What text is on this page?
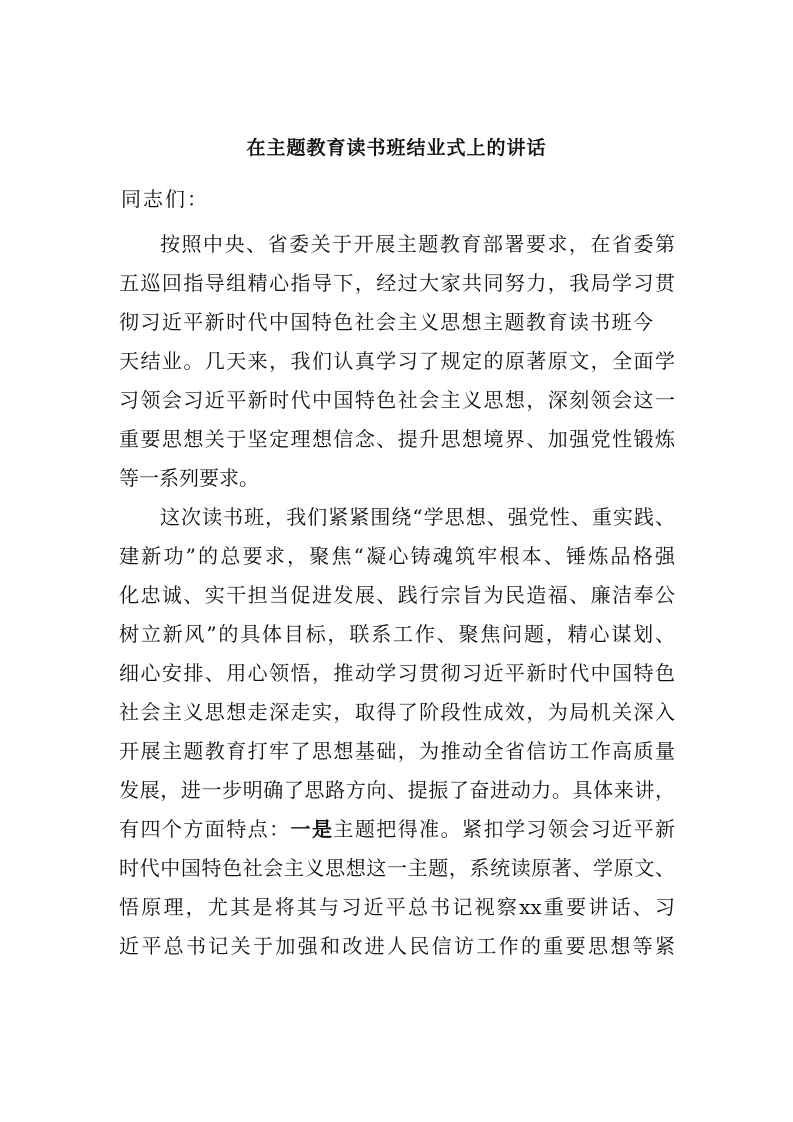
在主题教育读书班结业式上的讲话
同志们：
按照中央、省委关于开展主题教育部署要求，在省委第
五巡回指导组精心指导下，经过大家共同努力，我局学习贯
彻习近平新时代中国特色社会主义思想主题教育读书班今
天结业。几天来，我们认真学习了规定的原著原文，全面学
习领会习近平新时代中国特色社会主义思想，深刻领会这一
重要思想关于坚定理想信念、提升思想境界、加强党性锻炼
等一系列要求。
这次读书班，我们紧紧围绕“学思想、强党性、重实践、
建新功”的总要求，聚焦“凝心铸魂筑牢根本、锤炼品格强
化忠诚、实干担当促进发展、践行宗旨为民造福、廉洁奉公
树立新风”的具体目标，联系工作、聚焦问题，精心谋划、
细心安排、用心领悟，推动学习贯彻习近平新时代中国特色
社会主义思想走深走实，取得了阶段性成效，为局机关深入
开展主题教育打牢了思想基础，为推动全省信访工作高质量
发展，进一步明确了思路方向、提振了奋进动力。具体来讲，
有四个方面特点：一是主题把得准。紧扣学习领会习近平新
时代中国特色社会主义思想这一主题，系统读原著、学原文、
悟原理，尤其是将其与习近平总书记视察xx重要讲话、习
近平总书记关于加强和改进人民信访工作的重要思想等紧
